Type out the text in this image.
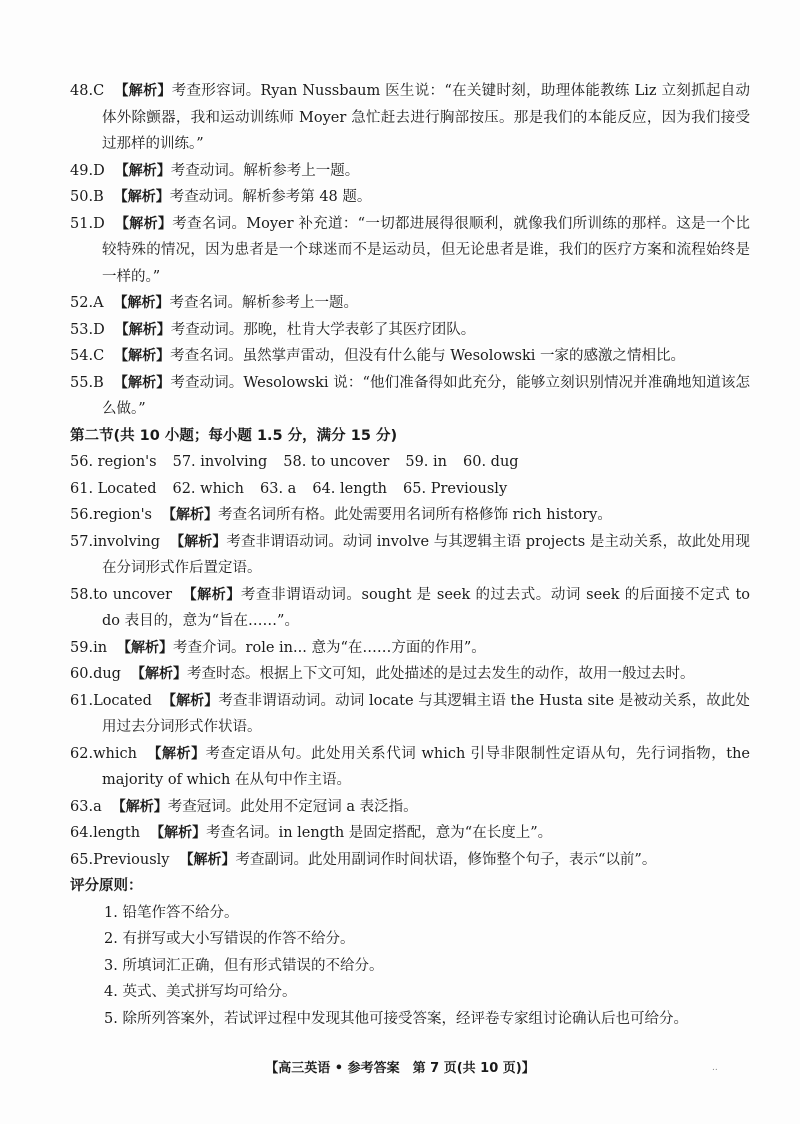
48.C 【解析】考查形容词。Ryan Nussbaum 医生说：“在关键时刻，助理体能教练 Liz 立刻抓起自动体外除颤器，我和运动训练师 Moyer 急忙赶去进行胸部按压。那是我们的本能反应，因为我们接受过那样的训练。”

49.D 【解析】考查动词。解析参考上一题。

50.B 【解析】考查动词。解析参考第 48 题。

51.D 【解析】考查名词。Moyer 补充道：“一切都进展得很顺利，就像我们所训练的那样。这是一个比较特殊的情况，因为患者是一个球迷而不是运动员，但无论患者是谁，我们的医疗方案和流程始终是一样的。”

52.A 【解析】考查名词。解析参考上一题。

53.D 【解析】考查动词。那晚，杜肯大学表彰了其医疗团队。

54.C 【解析】考查名词。虽然掌声雷动，但没有什么能与 Wesolowski 一家的感激之情相比。

55.B 【解析】考查动词。Wesolowski 说：“他们准备得如此充分，能够立刻识别情况并准确地知道该怎么做。”

第二节(共 10 小题；每小题 1.5 分，满分 15 分)

56. region's 57. involving 58. to uncover 59. in 60. dug

61. Located 62. which 63. a 64. length 65. Previously

56.region's 【解析】考查名词所有格。此处需要用名词所有格修饰 rich history。

57.involving 【解析】考查非谓语动词。动词 involve 与其逻辑主语 projects 是主动关系，故此处用现在分词形式作后置定语。

58.to uncover 【解析】考查非谓语动词。sought 是 seek 的过去式。动词 seek 的后面接不定式 to do 表目的，意为“旨在……”。

59.in 【解析】考查介词。role in... 意为“在……方面的作用”。

60.dug 【解析】考查时态。根据上下文可知，此处描述的是过去发生的动作，故用一般过去时。

61.Located 【解析】考查非谓语动词。动词 locate 与其逻辑主语 the Husta site 是被动关系，故此处用过去分词形式作状语。

62.which 【解析】考查定语从句。此处用关系代词 which 引导非限制性定语从句，先行词指物，the majority of which 在从句中作主语。

63.a 【解析】考查冠词。此处用不定冠词 a 表泛指。

64.length 【解析】考查名词。in length 是固定搭配，意为“在长度上”。

65.Previously 【解析】考查副词。此处用副词作时间状语，修饰整个句子，表示“以前”。

评分原则：

1. 铅笔作答不给分。

2. 有拼写或大小写错误的作答不给分。

3. 所填词汇正确，但有形式错误的不给分。

4. 英式、美式拼写均可给分。

5. 除所列答案外，若试评过程中发现其他可接受答案，经评卷专家组讨论确认后也可给分。

【高三英语 • 参考答案　第 7 页(共 10 页)】	..
